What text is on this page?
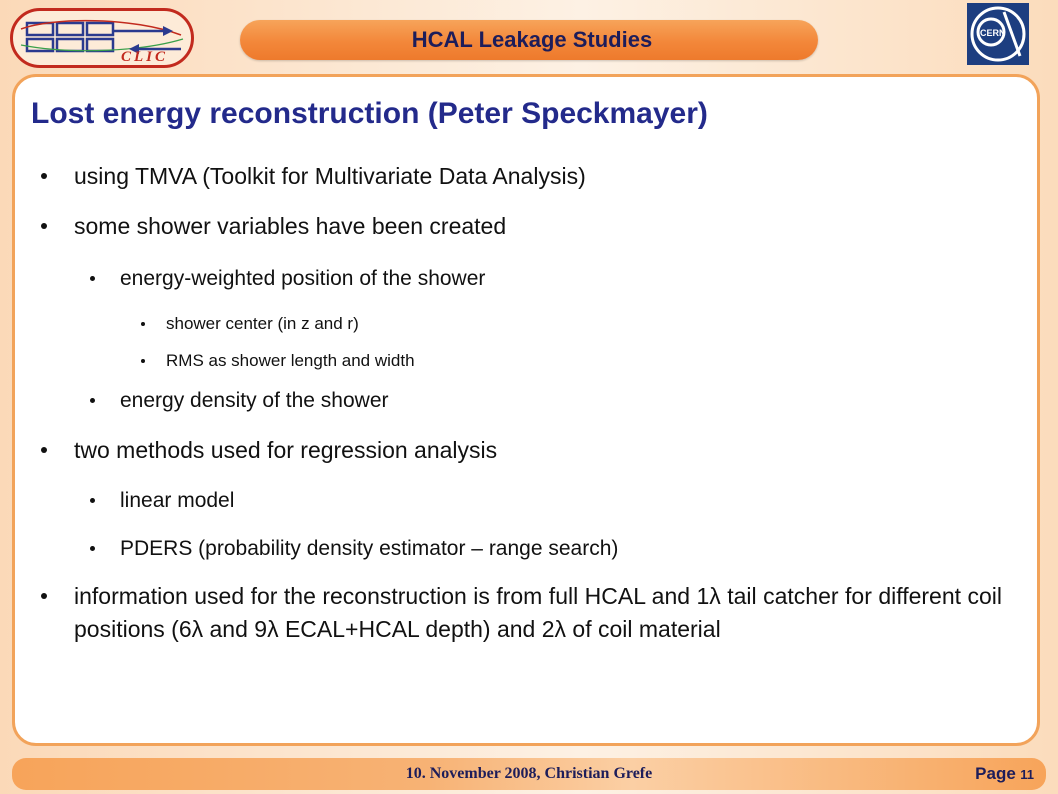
CLIC
HCAL Leakage Studies	CERN
Lost energy reconstruction (Peter Speckmayer)
using TMVA (Toolkit for Multivariate Data Analysis)
some shower variables have been created
energy-weighted position of the shower
shower center (in z and r)
RMS as shower length and width
energy density of the shower
two methods used for regression analysis
linear model
PDERS (probability density estimator – range search)
information used for the reconstruction is from full HCAL and 1λ tail catcher for different coil positions (6λ and 9λ ECAL+HCAL depth) and 2λ of coil material
10. November 2008, Christian Grefe	Page 11
